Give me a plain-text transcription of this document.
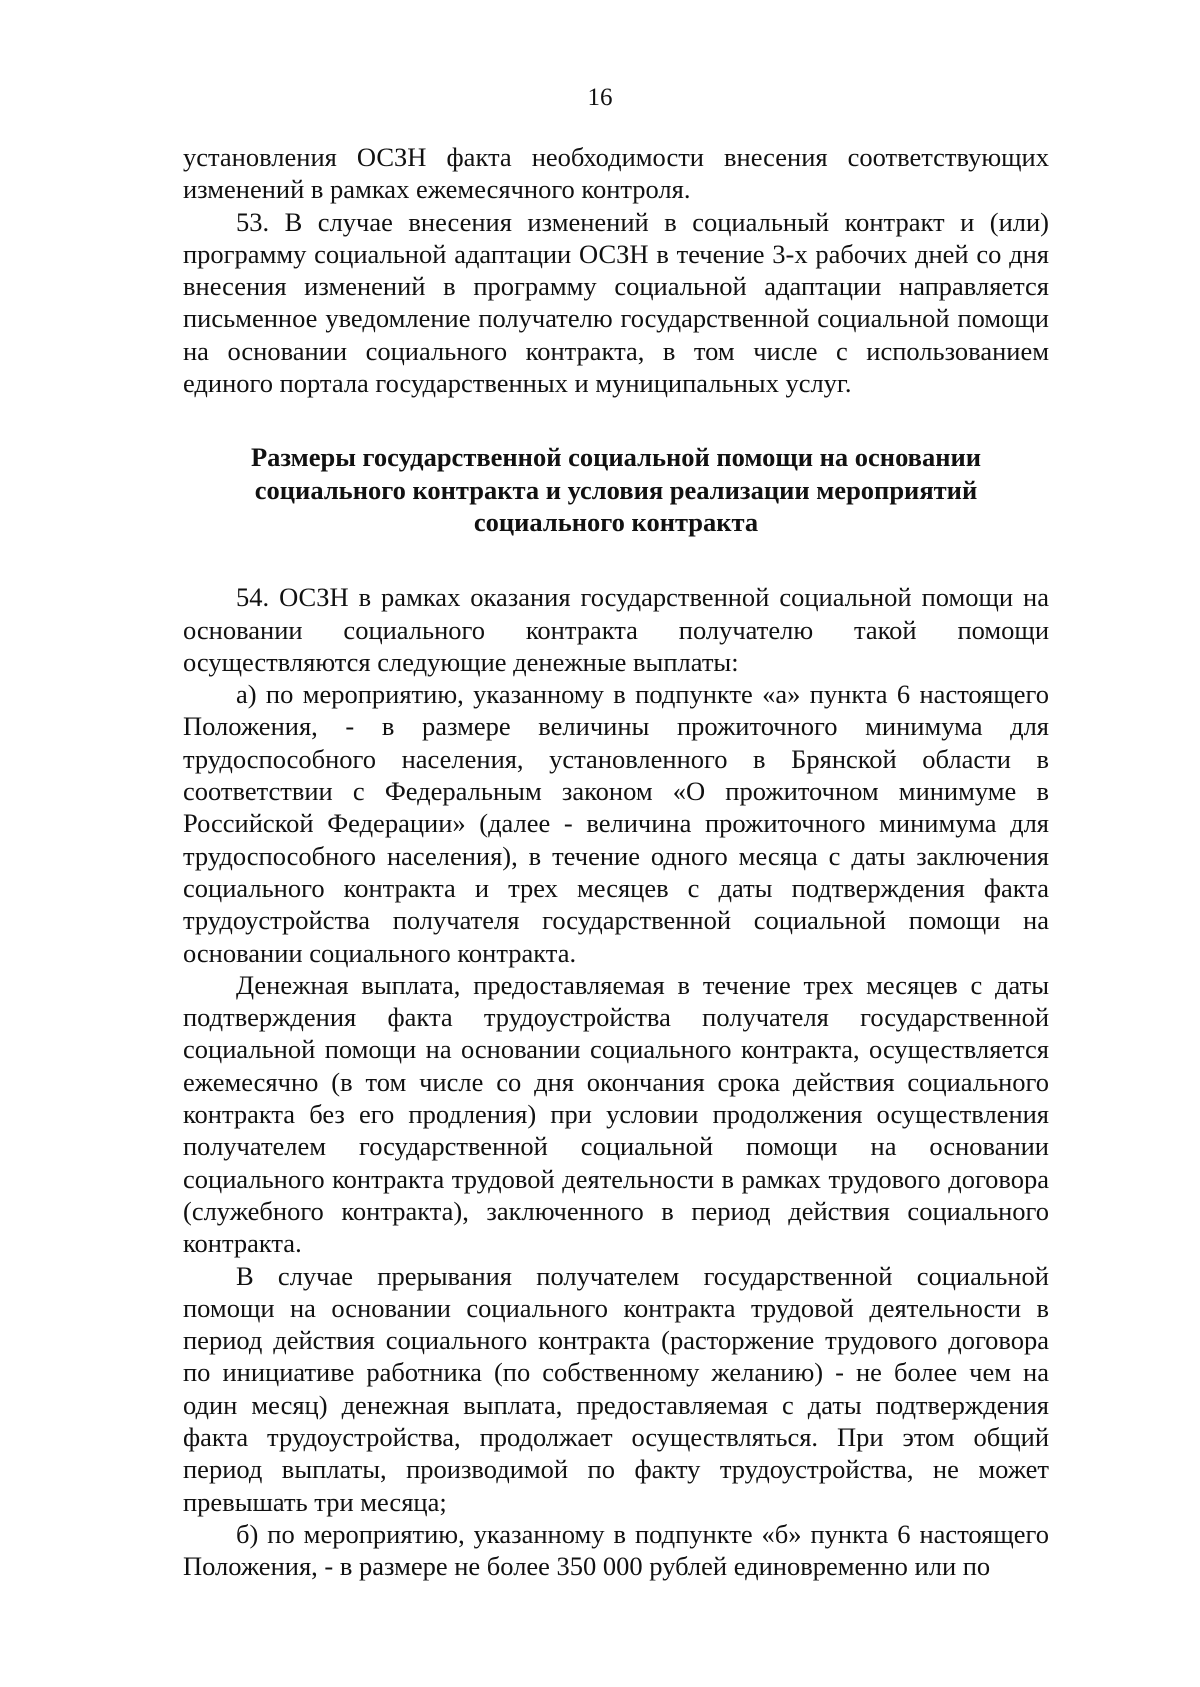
16

установления ОСЗН факта необходимости внесения соответствующих изменений в рамках ежемесячного контроля.

53. В случае внесения изменений в социальный контракт и (или) программу социальной адаптации ОСЗН в течение 3-х рабочих дней со дня внесения изменений в программу социальной адаптации направляется письменное уведомление получателю государственной социальной помощи на основании социального контракта, в том числе с использованием единого портала государственных и муниципальных услуг.

Размеры государственной социальной помощи на основании
социального контракта и условия реализации мероприятий
социального контракта

54. ОСЗН в рамках оказания государственной социальной помощи на основании социального контракта получателю такой помощи осуществляются следующие денежные выплаты:

а) по мероприятию, указанному в подпункте «а» пункта 6 настоящего Положения, - в размере величины прожиточного минимума для трудоспособного населения, установленного в Брянской области в соответствии с Федеральным законом «О прожиточном минимуме в Российской Федерации» (далее - величина прожиточного минимума для трудоспособного населения), в течение одного месяца с даты заключения социального контракта и трех месяцев с даты подтверждения факта трудоустройства получателя государственной социальной помощи на основании социального контракта.

Денежная выплата, предоставляемая в течение трех месяцев с даты подтверждения факта трудоустройства получателя государственной социальной помощи на основании социального контракта, осуществляется ежемесячно (в том числе со дня окончания срока действия социального контракта без его продления) при условии продолжения осуществления получателем государственной социальной помощи на основании социального контракта трудовой деятельности в рамках трудового договора (служебного контракта), заключенного в период действия социального контракта.

В случае прерывания получателем государственной социальной помощи на основании социального контракта трудовой деятельности в период действия социального контракта (расторжение трудового договора по инициативе работника (по собственному желанию) - не более чем на один месяц) денежная выплата, предоставляемая с даты подтверждения факта трудоустройства, продолжает осуществляться. При этом общий период выплаты, производимой по факту трудоустройства, не может превышать три месяца;

б) по мероприятию, указанному в подпункте «б» пункта 6 настоящего Положения, - в размере не более 350 000 рублей единовременно или по
